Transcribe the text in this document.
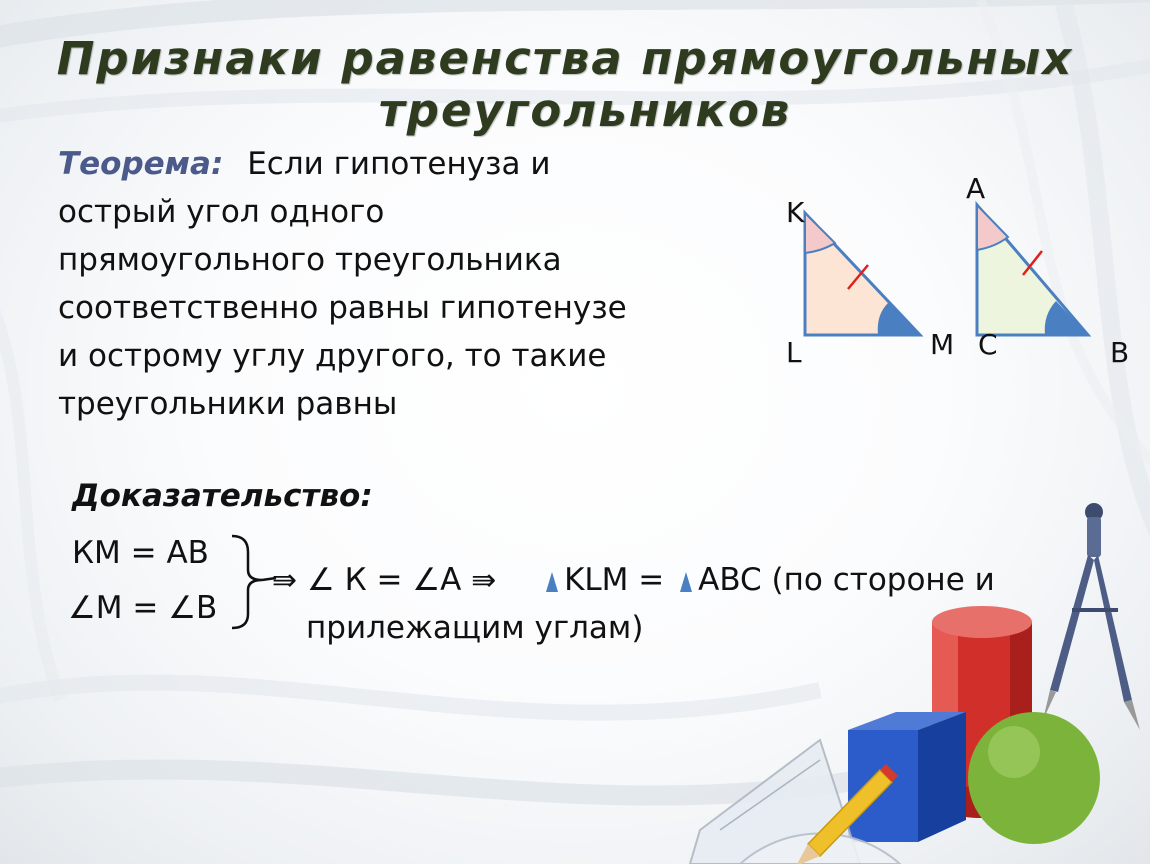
Признаки равенства прямоугольных
треугольников
Теорема: Если гипотенуза и
острый угол одного
прямоугольного треугольника
соответственно равны гипотенузе
и острому углу другого, то такие
треугольники равны
K
L	M
A
C	B
Доказательство:
КМ = АВ
∠М = ∠В
⇛ ∠ К = ∠А ⇛ KLM = ABC (по стороне и
прилежащим углам)
